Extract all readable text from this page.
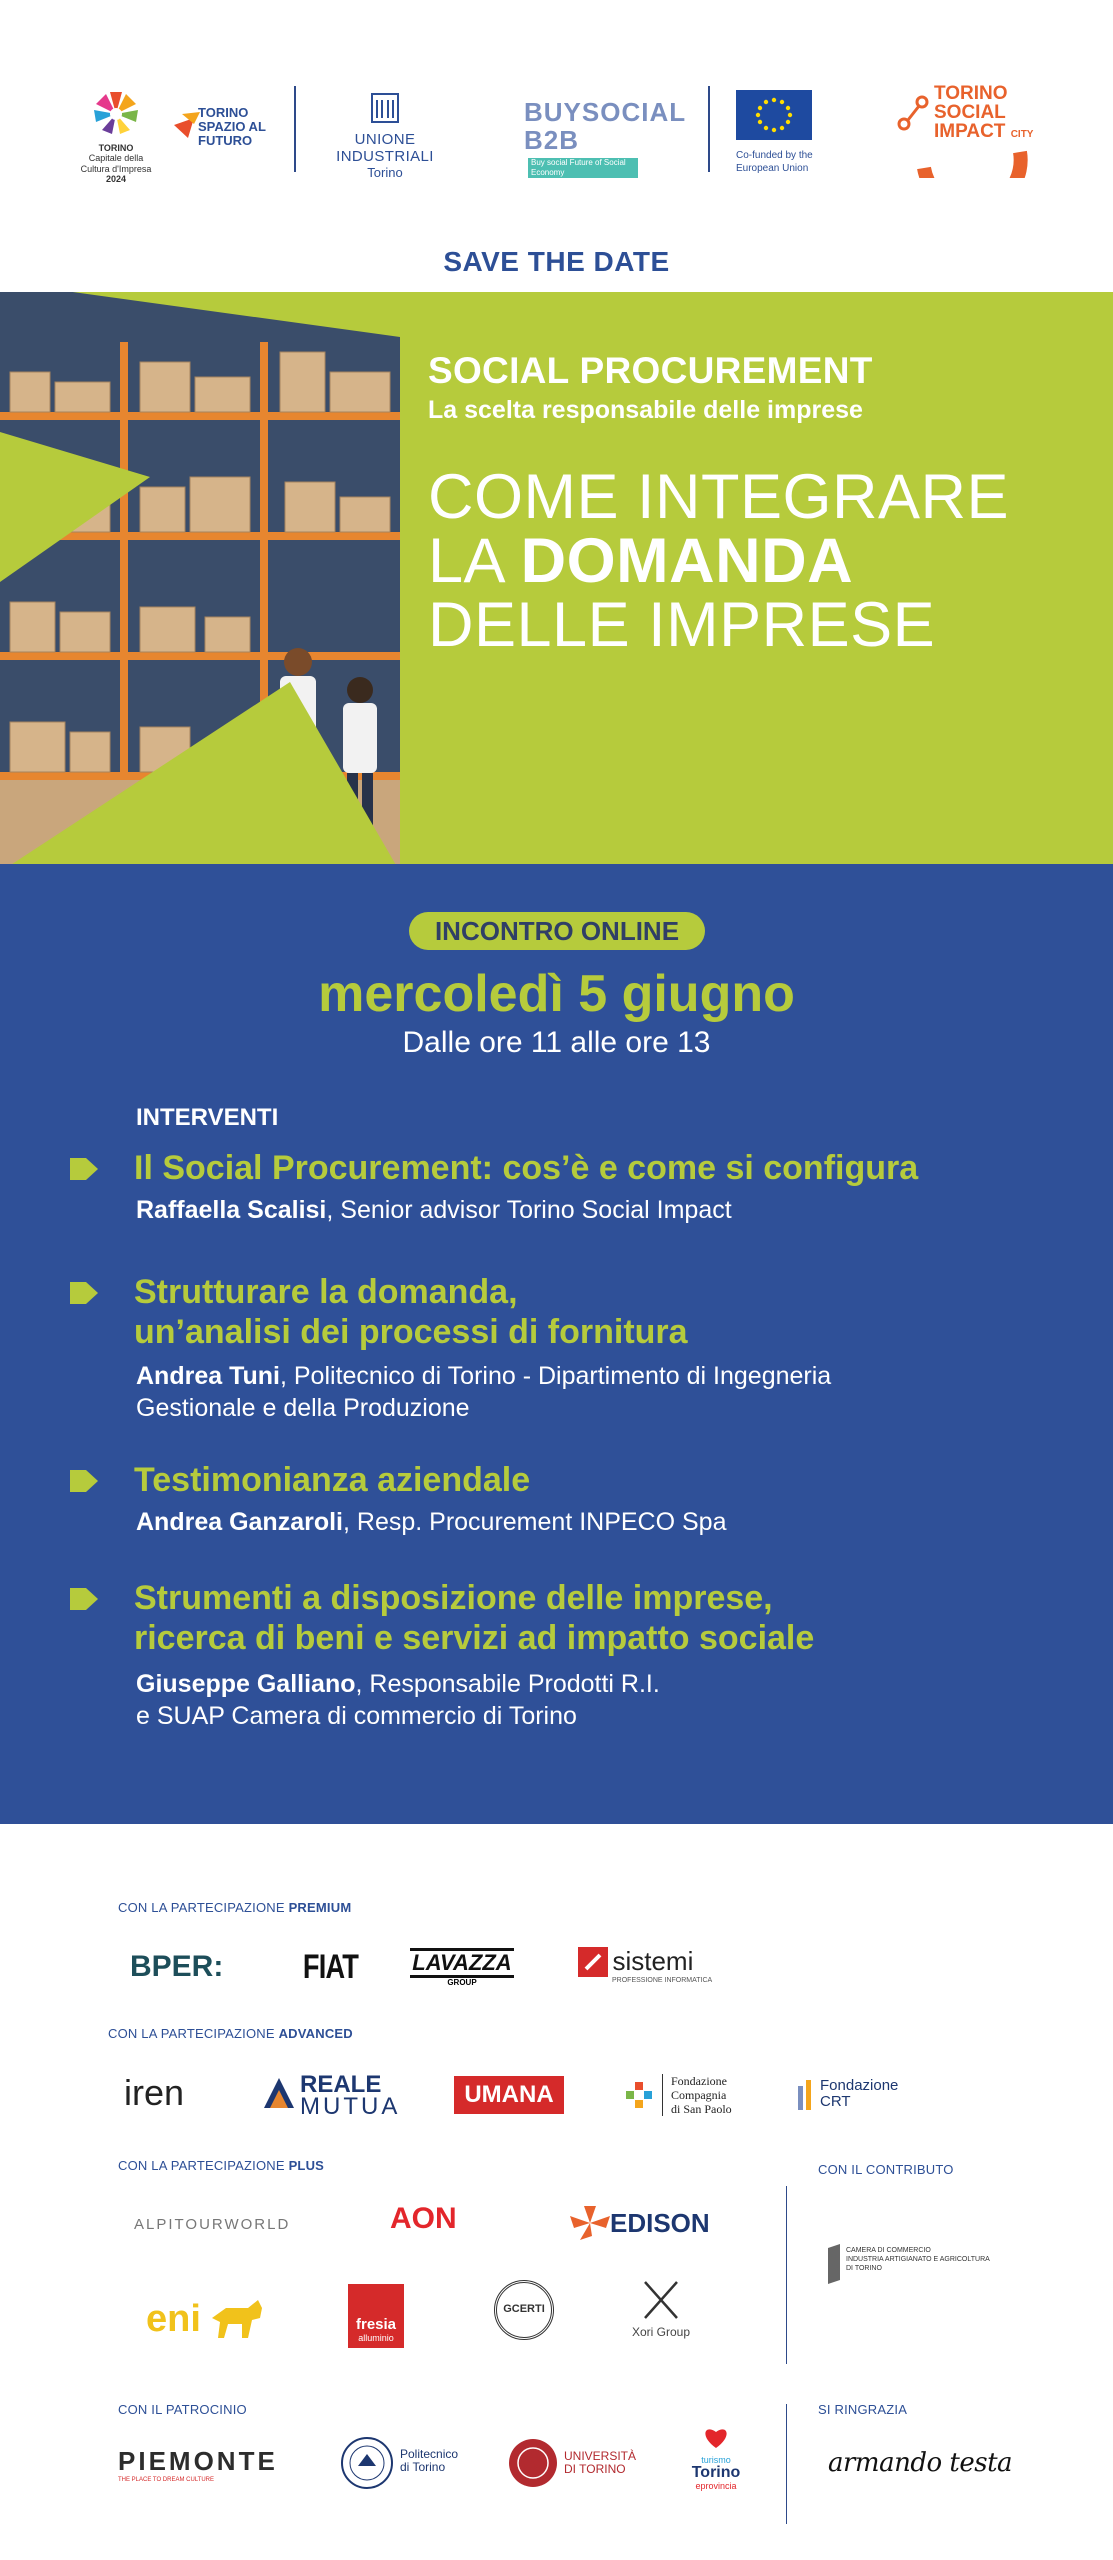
TORINO
Capitale della
Cultura d'Impresa
2024
TORINO
SPAZIO AL
FUTURO	UNIONE INDUSTRIALI
Torino
BUYSOCIAL
B2B Buy social Future of Social Economy
Co-funded by the
European Union
TORINO
SOCIAL
IMPACT CITY
2022 2024
SAVE THE DATE
SOCIAL PROCUREMENT
La scelta responsabile delle imprese
COME INTEGRARE
LA DOMANDA
DELLE IMPRESE
INCONTRO ONLINE
mercoledì 5 giugno
Dalle ore 11 alle ore 13
INTERVENTI
Il Social Procurement: cos’è e come si configura
Raffaella Scalisi, Senior advisor Torino Social Impact
Strutturare la domanda,
un’analisi dei processi di fornitura
Andrea Tuni, Politecnico di Torino - Dipartimento di Ingegneria
Gestionale e della Produzione
Testimonianza aziendale
Andrea Ganzaroli, Resp. Procurement INPECO Spa
Strumenti a disposizione delle imprese,
ricerca di beni e servizi ad impatto sociale
Giuseppe Galliano, Responsabile Prodotti R.I.
e SUAP Camera di commercio di Torino
CON LA PARTECIPAZIONE PREMIUM
BPER: FIAT LAVAZZA
GROUP
sistemi
PROFESSIONE INFORMATICA
CON LA PARTECIPAZIONE ADVANCED
iren	REALE
MUTUA	UMANA	Fondazione
Compagnia
di San Paolo
Fondazione
CRT
CON LA PARTECIPAZIONE PLUS
ALPITOURWORLD	AON	EDISON
eni	fresia
alluminio
GCERTI
Xori Group
CON IL CONTRIBUTO
CAMERA DI COMMERCIO
INDUSTRIA ARTIGIANATO E AGRICOLTURA
DI TORINO
CON IL PATROCINIO
PIEMONTE
THE PLACE TO DREAM CULTURE
Politecnico
di Torino
UNIVERSITÀ
DI TORINO
turismo
Torino
eprovincia
SI RINGRAZIA
armando testa
